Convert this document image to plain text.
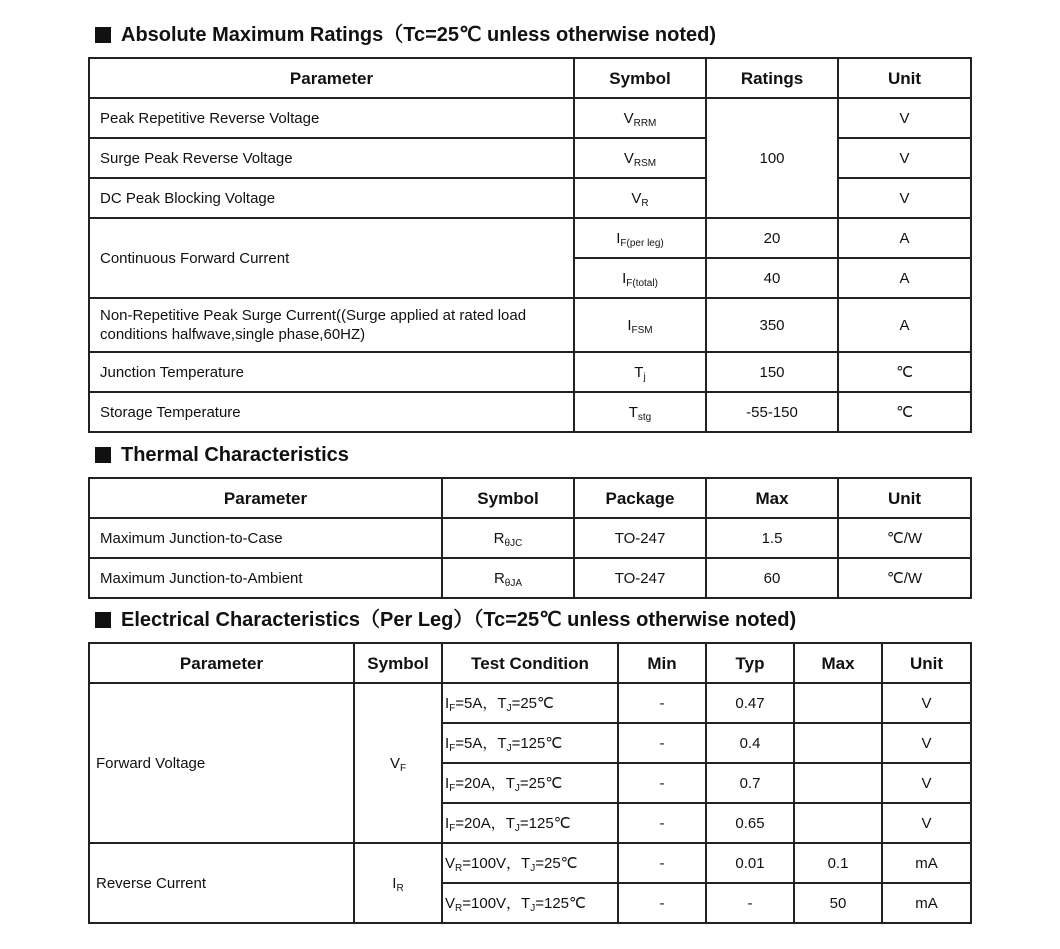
Absolute Maximum Ratings（Tc=25℃ unless otherwise noted)
Parameter	Symbol	Ratings	Unit
Peak Repetitive Reverse Voltage	$V_{RRM}$	100	V
Surge Peak Reverse Voltage	$V_{RSM}$		V
DC Peak Blocking Voltage	$V_R$		V
Continuous Forward Current	$I_{F(per leg)}$	20	A
	$I_{F(total)}$	40	A
Non-Repetitive Peak Surge Current((Surge applied at rated load conditions halfwave,single phase,60HZ)	$I_{FSM}$	350	A
Junction Temperature	$T_j$	150	℃
Storage Temperature	$T_{stg}$	-55-150	℃
Thermal Characteristics
Parameter	Symbol	Package	Max	Unit
Maximum Junction-to-Case	$R_{\theta JC}$	TO-247	1.5	℃/W
Maximum Junction-to-Ambient	$R_{\theta JA}$	TO-247	60	℃/W
Electrical Characteristics（Per Leg）（Tc=25℃ unless otherwise noted)
Parameter	Symbol	Test Condition	Min	Typ	Max	Unit
Forward Voltage	$V_F$	$I_F=5A$，$T_J=25℃$	-	0.47		V
		$I_F=5A$，$T_J=125℃$	-	0.4		V
		$I_F=20A$，$T_J=25℃$	-	0.7		V
		$I_F=20A$，$T_J=125℃$	-	0.65		V
Reverse Current	$I_R$	$V_R=100V$，$T_J=25℃$	-	0.01	0.1	mA
		$V_R=100V$，$T_J=125℃$	-	-	50	mA
